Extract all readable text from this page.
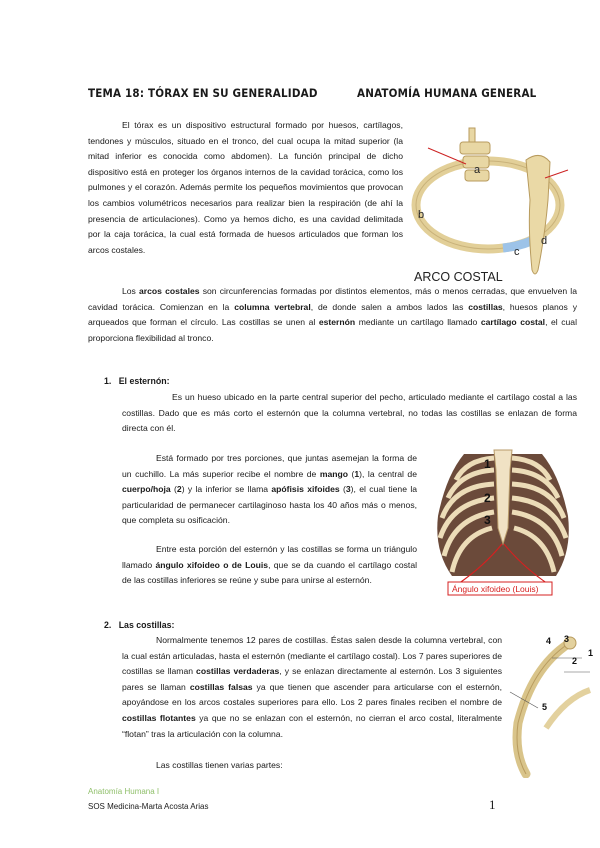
TEMA 18: TÓRAX EN SU GENERALIDAD	ANATOMÍA HUMANA GENERAL

El tórax es un dispositivo estructural formado por huesos, cartílagos, tendones y músculos, situado en el tronco, del cual ocupa la mitad superior (la mitad inferior es conocida como abdomen). La función principal de dicho dispositivo está en proteger los órganos internos de la cavidad torácica, como los pulmones y el corazón. Además permite los pequeños movimientos que provocan los cambios volumétricos necesarios para realizar bien la respiración (de ahí la presencia de articulaciones). Como ya hemos dicho, es una cavidad delimitada por la caja torácica, la cual está formada de huesos articulados que forman los arcos costales.

a
b
c
d
ARCO COSTAL

Los arcos costales son circunferencias formadas por distintos elementos, más o menos cerradas, que envuelven la cavidad torácica. Comienzan en la columna vertebral, de donde salen a ambos lados las costillas, huesos planos y arqueados que forman el círculo. Las costillas se unen al esternón mediante un cartílago llamado cartílago costal, el cual proporciona flexibilidad al tronco.

1. El esternón:

Es un hueso ubicado en la parte central superior del pecho, articulado mediante el cartílago costal a las costillas. Dado que es más corto el esternón que la columna vertebral, no todas las costillas se enlazan de forma directa con él.

Está formado por tres porciones, que juntas asemejan la forma de un cuchillo. La más superior recibe el nombre de mango (1), la central de cuerpo/hoja (2) y la inferior se llama apófisis xifoides (3), el cual tiene la particularidad de permanecer cartilaginoso hasta los 40 años más o menos, que completa su osificación.

Entre esta porción del esternón y las costillas se forma un triángulo llamado ángulo xifoideo o de Louis, que se da cuando el cartílago costal de las costillas inferiores se reúne y sube para unirse al esternón.

1
2
3
Ángulo xifoideo (Louis)
2. Las costillas:

Normalmente tenemos 12 pares de costillas. Éstas salen desde la columna vertebral, con la cual están articuladas, hasta el esternón (mediante el cartílago costal). Los 7 pares superiores de costillas se llaman costillas verdaderas, y se enlazan directamente al esternón. Los 3 siguientes pares se llaman costillas falsas ya que tienen que ascender para articularse con el esternón, apoyándose en los arcos costales superiores para ello. Los 2 pares finales reciben el nombre de costillas flotantes ya que no se enlazan con el esternón, no cierran el arco costal, literalmente “flotan” tras la articulación con la columna.

Las costillas tienen varias partes:

4 3
2
1
5
Anatomía Humana I
SOS Medicina-Marta Acosta Arias	1
